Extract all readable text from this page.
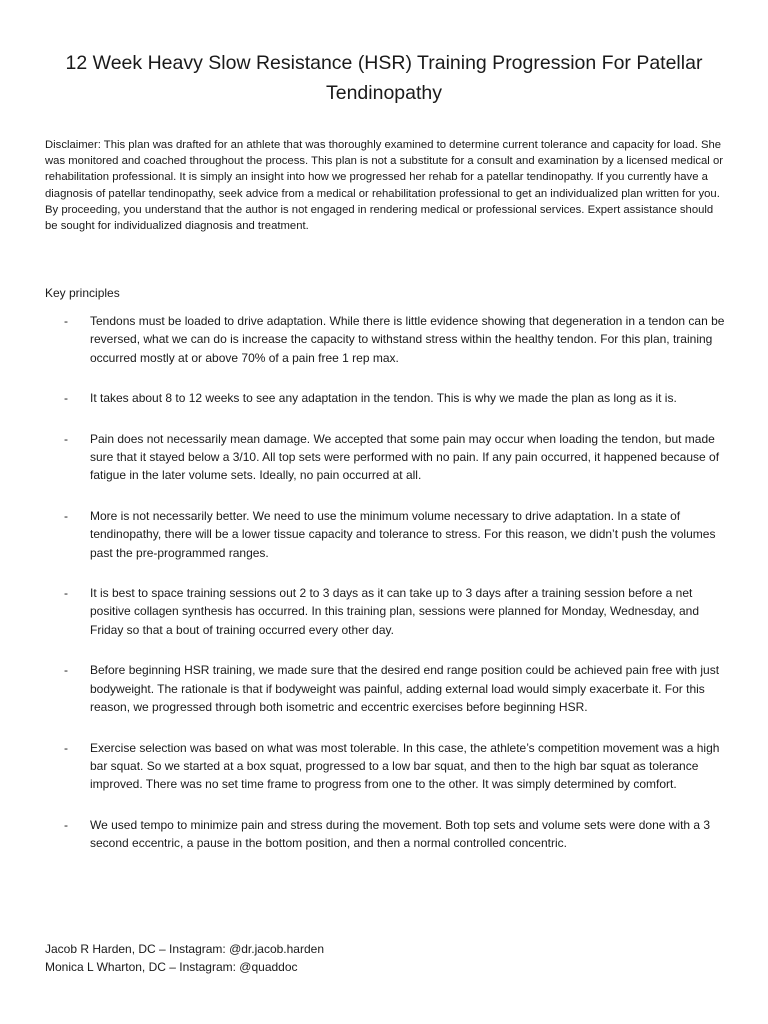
12 Week Heavy Slow Resistance (HSR) Training Progression For Patellar Tendinopathy

Disclaimer: This plan was drafted for an athlete that was thoroughly examined to determine current tolerance and capacity for load. She was monitored and coached throughout the process. This plan is not a substitute for a consult and examination by a licensed medical or rehabilitation professional. It is simply an insight into how we progressed her rehab for a patellar tendinopathy. If you currently have a diagnosis of patellar tendinopathy, seek advice from a medical or rehabilitation professional to get an individualized plan written for you. By proceeding, you understand that the author is not engaged in rendering medical or professional services. Expert assistance should be sought for individualized diagnosis and treatment.

Key principles
- Tendons must be loaded to drive adaptation. While there is little evidence showing that degeneration in a tendon can be reversed, what we can do is increase the capacity to withstand stress within the healthy tendon. For this plan, training occurred mostly at or above 70% of a pain free 1 rep max.
- It takes about 8 to 12 weeks to see any adaptation in the tendon. This is why we made the plan as long as it is.
- Pain does not necessarily mean damage. We accepted that some pain may occur when loading the tendon, but made sure that it stayed below a 3/10. All top sets were performed with no pain. If any pain occurred, it happened because of fatigue in the later volume sets. Ideally, no pain occurred at all.
- More is not necessarily better. We need to use the minimum volume necessary to drive adaptation. In a state of tendinopathy, there will be a lower tissue capacity and tolerance to stress. For this reason, we didn’t push the volumes past the pre-programmed ranges.
- It is best to space training sessions out 2 to 3 days as it can take up to 3 days after a training session before a net positive collagen synthesis has occurred. In this training plan, sessions were planned for Monday, Wednesday, and Friday so that a bout of training occurred every other day.
- Before beginning HSR training, we made sure that the desired end range position could be achieved pain free with just bodyweight. The rationale is that if bodyweight was painful, adding external load would simply exacerbate it. For this reason, we progressed through both isometric and eccentric exercises before beginning HSR.
- Exercise selection was based on what was most tolerable. In this case, the athlete’s competition movement was a high bar squat. So we started at a box squat, progressed to a low bar squat, and then to the high bar squat as tolerance improved. There was no set time frame to progress from one to the other. It was simply determined by comfort.
- We used tempo to minimize pain and stress during the movement. Both top sets and volume sets were done with a 3 second eccentric, a pause in the bottom position, and then a normal controlled concentric.
Jacob R Harden, DC – Instagram: @dr.jacob.harden
Monica L Wharton, DC – Instagram: @quaddoc
